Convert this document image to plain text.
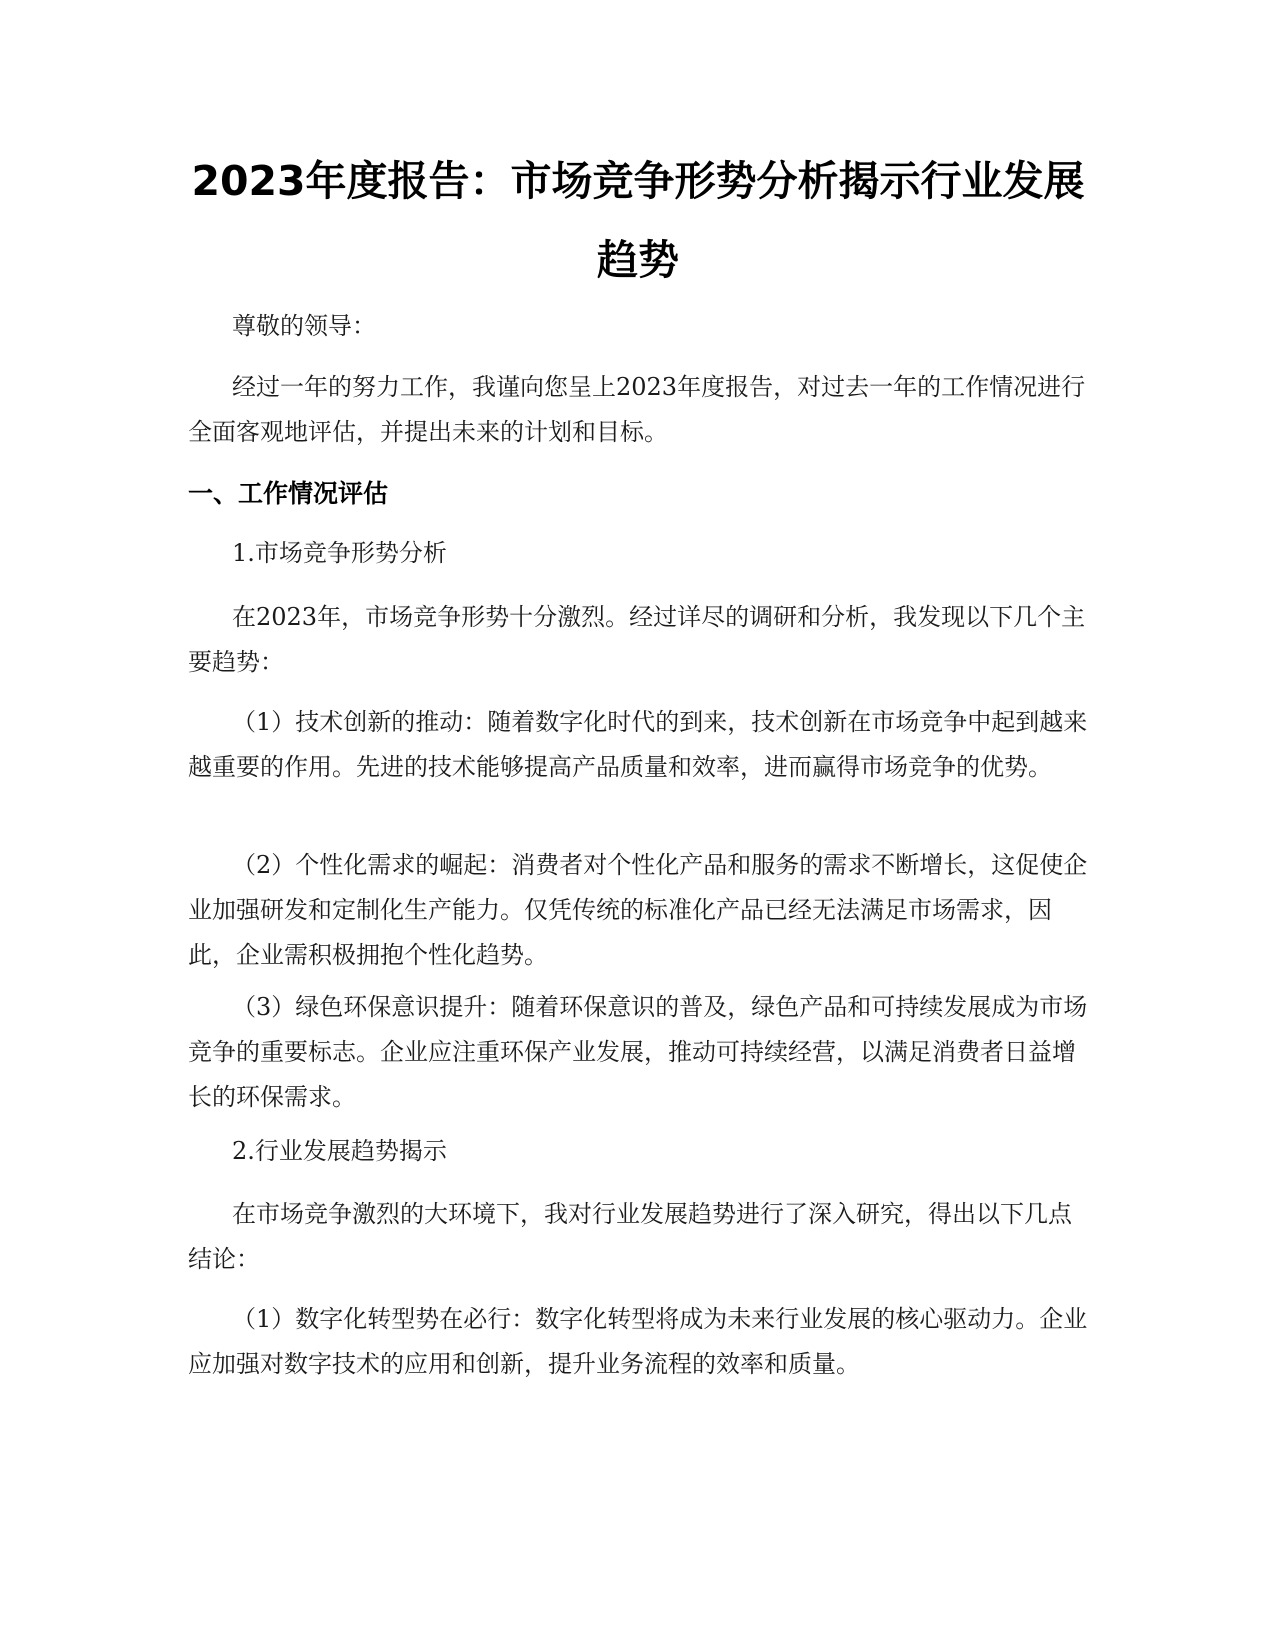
2023年度报告：市场竞争形势分析揭示行业发展趋势

尊敬的领导：

经过一年的努力工作，我谨向您呈上2023年度报告，对过去一年的工作情况进行全面客观地评估，并提出未来的计划和目标。

一、工作情况评估

1.市场竞争形势分析

在2023年，市场竞争形势十分激烈。经过详尽的调研和分析，我发现以下几个主要趋势：

（1）技术创新的推动：随着数字化时代的到来，技术创新在市场竞争中起到越来越重要的作用。先进的技术能够提高产品质量和效率，进而赢得市场竞争的优势。

（2）个性化需求的崛起：消费者对个性化产品和服务的需求不断增长，这促使企业加强研发和定制化生产能力。仅凭传统的标准化产品已经无法满足市场需求，因此，企业需积极拥抱个性化趋势。

（3）绿色环保意识提升：随着环保意识的普及，绿色产品和可持续发展成为市场竞争的重要标志。企业应注重环保产业发展，推动可持续经营，以满足消费者日益增长的环保需求。

2.行业发展趋势揭示

在市场竞争激烈的大环境下，我对行业发展趋势进行了深入研究，得出以下几点结论：

（1）数字化转型势在必行：数字化转型将成为未来行业发展的核心驱动力。企业应加强对数字技术的应用和创新，提升业务流程的效率和质量。
